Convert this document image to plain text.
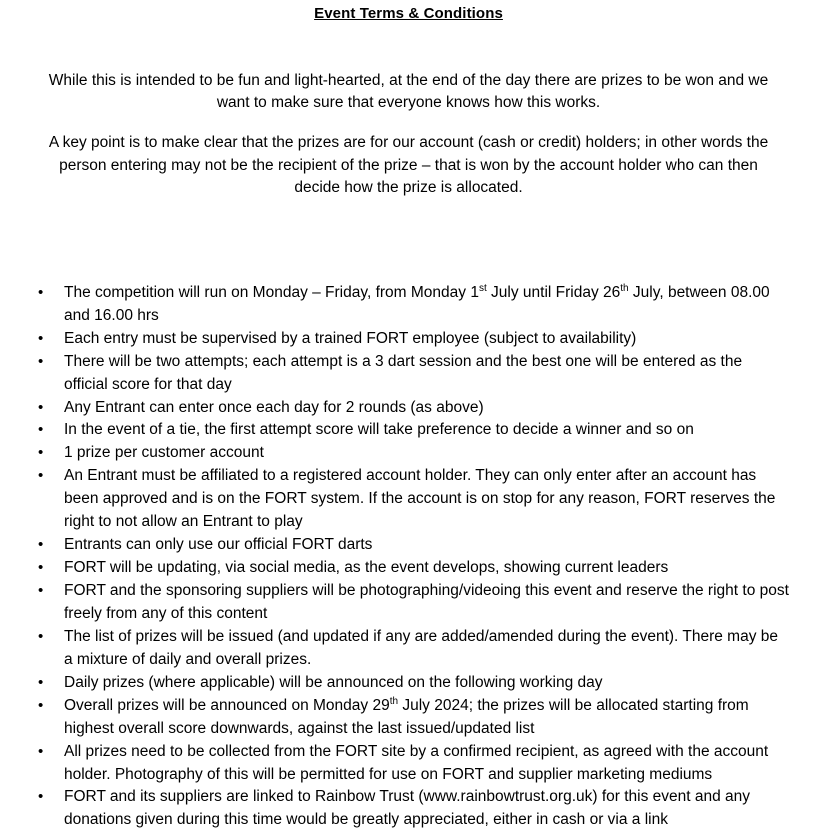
Event Terms & Conditions

While this is intended to be fun and light-hearted, at the end of the day there are prizes to be won and we want to make sure that everyone knows how this works.

A key point is to make clear that the prizes are for our account (cash or credit) holders; in other words the person entering may not be the recipient of the prize – that is won by the account holder who can then decide how the prize is allocated.

• The competition will run on Monday – Friday, from Monday 1st July until Friday 26th July, between 08.00 and 16.00 hrs
• Each entry must be supervised by a trained FORT employee (subject to availability)
• There will be two attempts; each attempt is a 3 dart session and the best one will be entered as the official score for that day
• Any Entrant can enter once each day for 2 rounds (as above)
• In the event of a tie, the first attempt score will take preference to decide a winner and so on
• 1 prize per customer account
• An Entrant must be affiliated to a registered account holder. They can only enter after an account has been approved and is on the FORT system. If the account is on stop for any reason, FORT reserves the right to not allow an Entrant to play
• Entrants can only use our official FORT darts
• FORT will be updating, via social media, as the event develops, showing current leaders
• FORT and the sponsoring suppliers will be photographing/videoing this event and reserve the right to post freely from any of this content
• The list of prizes will be issued (and updated if any are added/amended during the event). There may be a mixture of daily and overall prizes.
• Daily prizes (where applicable) will be announced on the following working day
• Overall prizes will be announced on Monday 29th July 2024; the prizes will be allocated starting from highest overall score downwards, against the last issued/updated list
• All prizes need to be collected from the FORT site by a confirmed recipient, as agreed with the account holder. Photography of this will be permitted for use on FORT and supplier marketing mediums
• FORT and its suppliers are linked to Rainbow Trust (www.rainbowtrust.org.uk) for this event and any donations given during this time would be greatly appreciated, either in cash or via a link
